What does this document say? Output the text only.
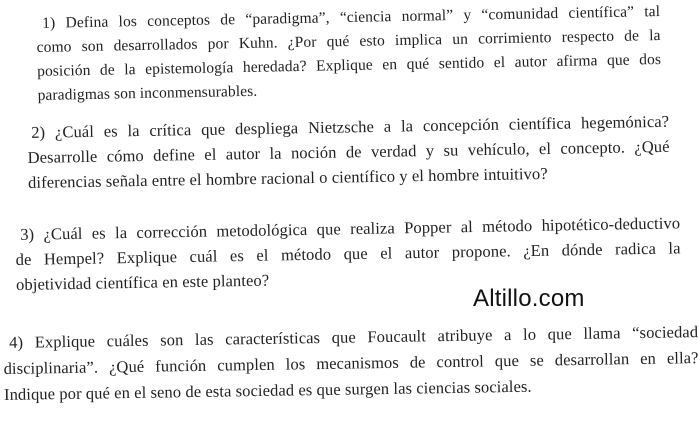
1) Defina los conceptos de “paradigma”, “ciencia normal” y “comunidad científica” tal
como son desarrollados por Kuhn. ¿Por qué esto implica un corrimiento respecto de la
posición de la epistemología heredada? Explique en qué sentido el autor afirma que dos
paradigmas son inconmensurables.

2) ¿Cuál es la crítica que despliega Nietzsche a la concepción científica hegemónica?
Desarrolle cómo define el autor la noción de verdad y su vehículo, el concepto. ¿Qué
diferencias señala entre el hombre racional o científico y el hombre intuitivo?

3) ¿Cuál es la corrección metodológica que realiza Popper al método hipotético-deductivo
de Hempel? Explique cuál es el método que el autor propone. ¿En dónde radica la
objetividad científica en este planteo?

Altillo.com

4) Explique cuáles son las características que Foucault atribuye a lo que llama “sociedad
disciplinaria”. ¿Qué función cumplen los mecanismos de control que se desarrollan en ella?
Indique por qué en el seno de esta sociedad es que surgen las ciencias sociales.
